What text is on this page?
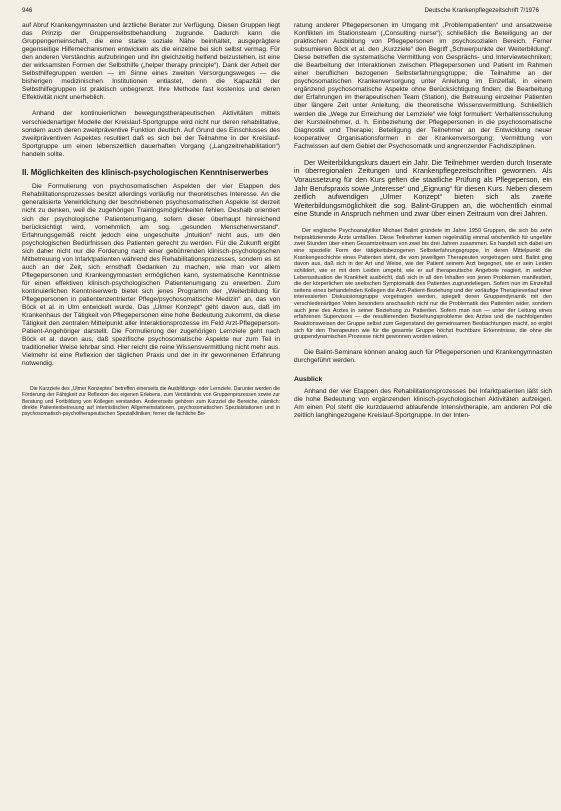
946	Deutsche Krankenpflegezeitschrift 7/1976

auf Abruf Krankengymnasten und ärztliche Berater zur Verfügung. Diesen Gruppen liegt das Prinzip der Gruppenselbstbehandlung zugrunde. Dadurch kann die Gruppengemeinschaft, die eine starke soziale Nähe beinhaltet, ausgeprägtere gegenseitige Hilfemechanismen entwickeln als die einzelne bei sich selbst vermag. Für den anderen Verständnis aufzubringen und ihn gleichzeitig helfend beizustehen, ist eine der wirksamsten Formen der Selbsthilfe („helper therapy principle“). Dank der Arbeit der Selbsthilfegruppen werden — im Sinne eines zweiten Versorgungsweges — die bisherigen medizinischen Institutionen entlastet, denn die Kapazität der Selbsthilfegruppen ist praktisch unbegrenzt. Ihre Methode fast kostenlos und deren Effektivität nicht unerheblich.

Anhand der kontinuierlichen bewegungstherapeutischen Aktivitäten mittels verschiedenartiger Modelle der Kreislauf-Sportgruppe wird nicht nur deren rehabilitative, sondern auch deren zweitpräventive Funktion deutlich. Auf Grund des Einschlusses des zweitpräventiven Aspektes resultiert daß es sich bei der Teilnahme in der Kreislauf-Sportgruppe um einen lebenszeitlich dauerhaften Vorgang („Langzeitrehabilitation“) handeln sollte.

II. Möglichkeiten des klinisch-psychologischen Kenntniserwerbes

Die Formulierung von psychosomatischen Aspekten der vier Etappen des Rehabilitationsprozesses besitzt allerdings vorläufig nur theoretisches Interesse. An die generalisierte Verwirklichung der beschriebenen psychosomatischen Aspekte ist derzeit nicht zu denken, weil die zugehörigen Trainingsmöglichkeiten fehlen. Deshalb orientiert sich der psychologische Patientenumgang, sofern dieser überhaupt hinreichend berücksichtigt wird, vornehmlich am sog. „gesunden Menschenverstand“. Erfahrungsgemäß reicht jedoch eine ungeschulte „Intuition“ nicht aus, um den psychologischen Bedürfnissen des Patienten gerecht zu werden. Für die Zukunft ergibt sich daher nicht nur die Forderung nach einer gebührenden klinisch-psychologischen Mitbetreuung von Infarktpatienten während des Rehabilitationsprozesses, sondern es ist auch an der Zeit, sich ernsthaft Gedanken zu machen, wie man vor allem Pflegepersonen und Krankengymnasten ermöglichen kann, systematische Kenntnisse für einen effektiven klinisch-psychologischen Patientenumgang zu erwerben. Zum kontinuierlichen Kenntniserwerb bietet sich jenes Programm der „Weiterbildung für Pflegepersonen in patientenzentrierter Pflege/psychosomatische Medizin“ an, das von Böck et al. in Ulm entwickelt wurde. Das „Ulmer Konzept“ geht davon aus, daß im Krankenhaus der Tätigkeit von Pflegepersonen eine hohe Bedeutung zukommt, da diese Tätigkeit den zentralen Mittelpunkt aller Interaktionsprozesse im Feld Arzt-Pflegeperson-Patient-Angehöriger darstellt. Die Formulierung der zugehörigen Lernziele geht nach Böck et al. davon aus, daß spezifische psychosomatische Aspekte nur zum Teil in traditioneller Weise lehrbar sind. Hier reicht die reine Wissensvermittlung nicht mehr aus. Vielmehr ist eine Reflexion der täglichen Praxis und der in ihr gewonnenen Erfahrung notwendig.

Die Kurzziele des „Ulmer Konzeptes“ betreffen einerseits die Ausbildungs- oder Lernziele. Darunter werden die Förderung der Fähigkeit zur Reflexion des eigenen Erlebens, zum Verständnis von Gruppenprozessen sowie zur Beratung und Fortbildung von Kollegen verstanden. Andererseits gehören zum Kurzziel die Bereiche, nämlich: direkte Patientenbetreuung auf internistischen Allgemeinstationen, psychosomatischen Spezialstationen und in psychosomatisch-psychotherapeutischen Spezialkliniken; ferner die fachliche Be-

ratung anderer Pflegepersonen im Umgang mit „Problempatienten“ und ansatzweise Konflikten im Stationsteam („Consulting nurse“); schließlich die Beteiligung an der praktischen Ausbildung von Pflegepersonen im psychosozialen Bereich. Ferner subsumieren Böck et al. den „Kurzziele“ den Begriff „Schwerpunkte der Weiterbildung“. Diese betreffen die systematische Vermittlung von Gesprächs- und Interviewtechniken; die Bearbeitung der Interaktionen zwischen Pflegepersonen und Patient im Rahmen einer beruflichen bezogenen Selbsterfahrungsgruppe; die Teilnahme an der psychosomatischen Krankenversorgung unter Anleitung im Einzelfall, in einem ergänzend psychosomatische Aspekte ohne Berücksichtigung finden; die Bearbeitung der Erfahrungen im therapeutischen Team (Station), die Betreuung einzelner Patienten über längere Zeit unter Anleitung, die theoretische Wissensvermittlung. Schließlich werden die „Wege zur Erreichung der Lernziele“ wie folgt formuliert: Verhaltensschulung der Kursteilnehmer, d. h. Einbeziehung der Pflegepersonen in die psychosomatische Diagnostik und Therapie; Beteiligung der Teilnehmer an der Entwicklung neuer kooperativer Organisationsformen in der Krankenversorgung; Vermittlung von Fachwissen auf dem Gebiet der Psychosomatik und angrenzender Fachdisziplinen.

Der Weiterbildungskurs dauert ein Jahr. Die Teilnehmer werden durch Inserate in überregionalen Zeitungen und Krankenpflegezeitschriften gewonnen. Als Voraussetzung für den Kurs gelten die staatliche Prüfung als Pflegeperson, ein Jahr Berufspraxis sowie „Interesse“ und „Eignung“ für diesen Kurs. Neben diesem zeitlich aufwendigen „Ulmer Konzept“ bieten sich als zweite Weiterbildungsmöglichkeit die sog. Balint-Gruppen an, die wöchentlich einmal eine Stunde in Anspruch nehmen und zwar über einen Zeitraum von drei Jahren.

Der englische Psychoanalytiker Michael Balint gründete im Jahre 1950 Gruppen, die sich bis zehn freipraktizierende Ärzte umfaßten. Diese Teilnehmer kamen regelmäßig einmal wöchentlich für ungefähr zwei Stunden über einen Gesamtzeitraum von zwei bis drei Jahren zusammen. Es handelt sich dabei um eine spezielle Form der tätigkeitsbezogenen Selbsterfahrungsgruppe, in deren Mittelpunkt die Krankengeschichte eines Patienten steht, die vom jeweiligen Therapeuten vorgetragen wird. Balint ging davon aus, daß sich in der Art und Weise, wie der Patient seinem Arzt begegnet, wie er sein Leiden schildert, wie er mit dem Leiden umgeht, wie er auf therapeutische Angebote reagiert, in welcher Lebenssituation die Krankheit ausbricht, daß sich in all den Inhalten von jenen Problemen manifestiert, die der körperlichen wie seelischen Symptomatik des Patienten zugrundeliegen. Sofern nun im Einzelfall seitens eines behandelnden Kollegen die Arzt-Patient-Beziehung und der vorläufige Therapieverlauf einer interessierten Diskussionsgruppe vorgetragen werden, spiegelt deren Gruppendynamik mit den verschiedenartigen Voten besonders anschaulich nicht nur die Problematik des Patienten wider, sondern auch jene des Arztes in seiner Beziehung zu Patienten. Sofern man nun — unter der Leitung eines erfahrenen Supervisors — die resultierenden Beziehungsprobleme des Arztes und die nachfolgenden Reaktionsweisen der Gruppe selbst zum Gegenstand der gemeinsamen Beobachtungen macht, so ergibt sich für den Therapeuten wie für die gesamte Gruppe höchst fruchtbare Erkenntnisse, die ohne die gruppendynamischen Prozesse nicht gewonnen worden wären.

Die Balint-Seminare können analog auch für Pflegepersonen und Krankengymnasten durchgeführt werden.

Ausblick

Anhand der vier Etappen des Rehabilitationsprozesses bei Infarktpatienten läßt sich die hohe Bedeutung von ergänzenden klinisch-psychologischen Aktivitäten aufzeigen. Am einen Pol steht die kurzdauernd ablaufende Intensivtherapie, am anderen Pol die zeitlich langhingezogene Kreislauf-Sportgruppe. In der Inten-
